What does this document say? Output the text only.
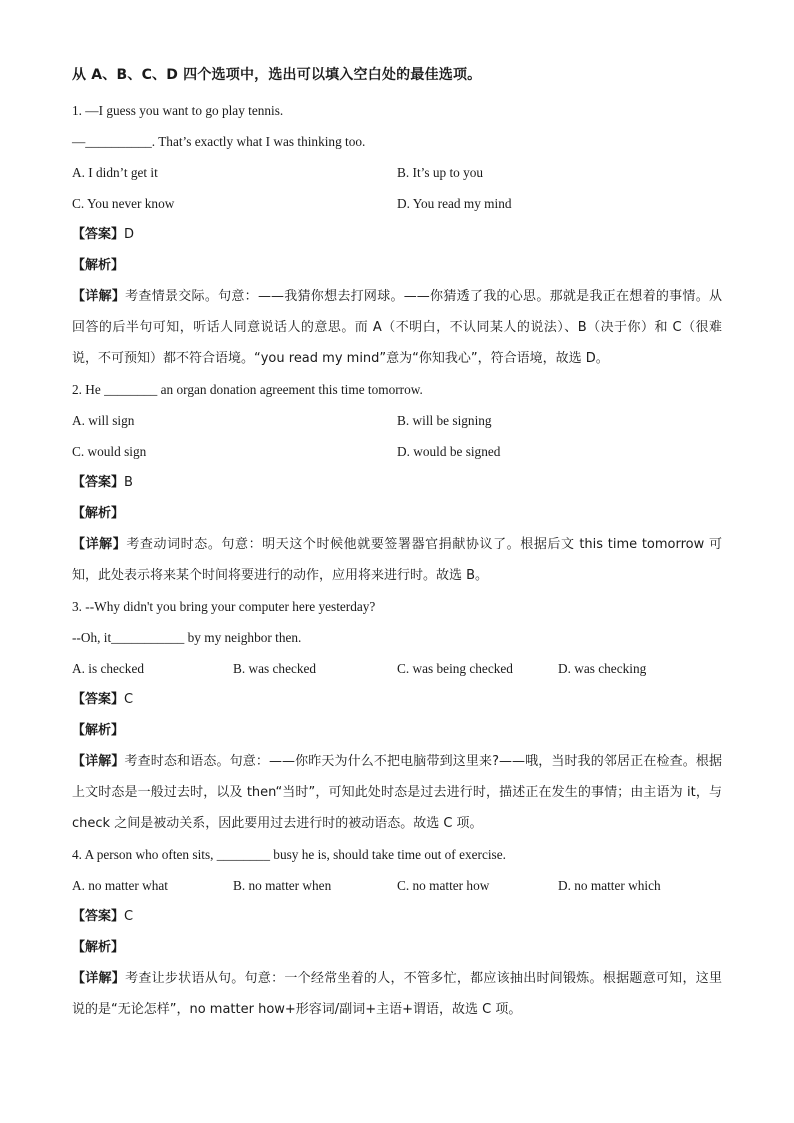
从 A、B、C、D 四个选项中，选出可以填入空白处的最佳选项。
1. —I guess you want to go play tennis.
—__________. That’s exactly what I was thinking too.
A. I didn’t get it	B. It’s up to you
C. You never know	D. You read my mind
【答案】D
【解析】
【详解】考查情景交际。句意：——我猜你想去打网球。——你猜透了我的心思。那就是我正在想着的事情。从回答的后半句可知，听话人同意说话人的意思。而 A（不明白，不认同某人的说法）、B（决于你）和 C（很难说，不可预知）都不符合语境。“you read my mind”意为“你知我心”，符合语境，故选 D。
2. He ________ an organ donation agreement this time tomorrow.
A. will sign	B. will be signing
C. would sign	D. would be signed
【答案】B
【解析】
【详解】考查动词时态。句意：明天这个时候他就要签署器官捐献协议了。根据后文 this time tomorrow 可知，此处表示将来某个时间将要进行的动作，应用将来进行时。故选 B。
3. --Why didn't you bring your computer here yesterday?
--Oh, it___________ by my neighbor then.
A. is checked	B. was checked	C. was being checked	D. was checking
【答案】C
【解析】
【详解】考查时态和语态。句意：——你昨天为什么不把电脑带到这里来?——哦，当时我的邻居正在检查。根据上文时态是一般过去时，以及 then“当时”，可知此处时态是过去进行时，描述正在发生的事情；由主语为 it，与 check 之间是被动关系，因此要用过去进行时的被动语态。故选 C 项。
4. A person who often sits, ________ busy he is, should take time out of exercise.
A. no matter what	B. no matter when	C. no matter how	D. no matter which
【答案】C
【解析】
【详解】考查让步状语从句。句意：一个经常坐着的人，不管多忙，都应该抽出时间锻炼。根据题意可知，这里说的是“无论怎样”，no matter how+形容词/副词+主语+谓语，故选 C 项。
